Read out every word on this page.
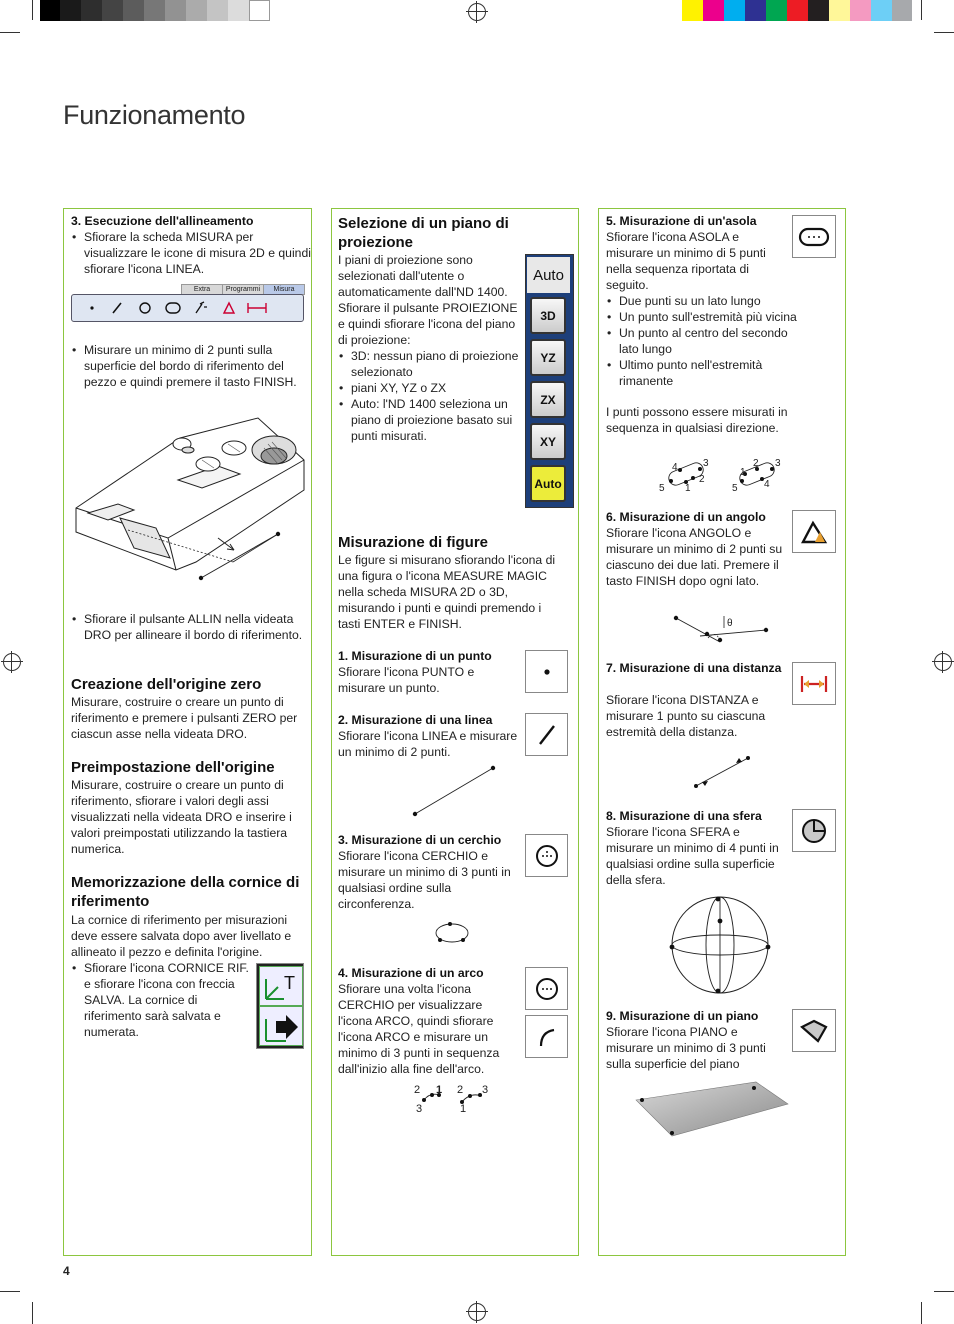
Funzionamento
3. Esecuzione dell'allineamento
• Sfiorare la scheda MISURA per visualizzare le icone di misura 2D e quindi sfiorare l'icona LINEA.
Extra	Programmi	Misura
• Misurare un minimo di 2 punti sulla superficie del bordo di riferimento del pezzo e quindi premere il tasto FINISH.
• Sfiorare il pulsante ALLIN nella videata DRO per allineare il bordo di riferimento.
Creazione dell'origine zero
Misurare, costruire o creare un punto di riferimento e premere i pulsanti ZERO per ciascun asse nella videata DRO.
Preimpostazione dell'origine
Misurare, costruire o creare un punto di riferimento, sfiorare i valori degli assi visualizzati nella videata DRO e inserire i valori preimpostati utilizzando la tastiera numerica.
Memorizzazione della cornice di riferimento
La cornice di riferimento per misurazioni deve essere salvata dopo aver livellato e allineato il pezzo e definita l'origine.
• Sfiorare l'icona CORNICE RIF. e sfiorare l'icona con freccia SALVA. La cornice di riferimento sarà salvata e numerata.
T
Selezione di un piano di proiezione
I piani di proiezione sono selezionati dall'utente o automaticamente dall'ND 1400. Sfiorare il pulsante PROIEZIONE e quindi sfiorare l'icona del piano di proiezione:
• 3D: nessun piano di proiezione selezionato
• piani XY, YZ o ZX
• Auto: l'ND 1400 seleziona un piano di proiezione basato sui punti misurati.
Auto
3D
YZ
ZX
XY
Auto
Misurazione di figure
Le figure si misurano sfiorando l'icona di una figura o l'icona MEASURE MAGIC nella scheda MISURA 2D o 3D, misurando i punti e quindi premendo i tasti ENTER e FINISH.
1. Misurazione di un punto
Sfiorare l'icona PUNTO e misurare un punto.
2. Misurazione di una linea
Sfiorare l'icona LINEA e misurare un minimo di 2 punti.
3. Misurazione di un cerchio
Sfiorare l'icona CERCHIO e misurare un minimo di 3 punti in qualsiasi ordine sulla circonferenza.
4. Misurazione di un arco
Sfiorare una volta l'icona CERCHIO per visualizzare l'icona ARCO, quindi sfiorare l'icona ARCO e misurare un minimo di 3 punti in sequenza dall'inizio alla fine dell'arco.
2 1
3
2 3
1
5. Misurazione di un'asola
Sfiorare l'icona ASOLA e misurare un minimo di 5 punti nella sequenza riportata di seguito.
• Due punti su un lato lungo
• Un punto sull'estremità più vicina
• Un punto al centro del secondo lato lungo
• Ultimo punto nell'estremità rimanente
I punti possono essere misurati in sequenza in qualsiasi direzione.
4	3
2
5 1
1
2 3
5	4
6. Misurazione di un angolo
Sfiorare l'icona ANGOLO e misurare un minimo di 2 punti su ciascuno dei due lati. Premere il tasto FINISH dopo ogni lato.
θ
7. Misurazione di una distanza
Sfiorare l'icona DISTANZA e misurare 1 punto su ciascuna estremità della distanza.
8. Misurazione di una sfera
Sfiorare l'icona SFERA e misurare un minimo di 4 punti in qualsiasi ordine sulla superficie della sfera.
9. Misurazione di un piano
Sfiorare l'icona PIANO e misurare un minimo di 3 punti sulla superficie del piano
4
